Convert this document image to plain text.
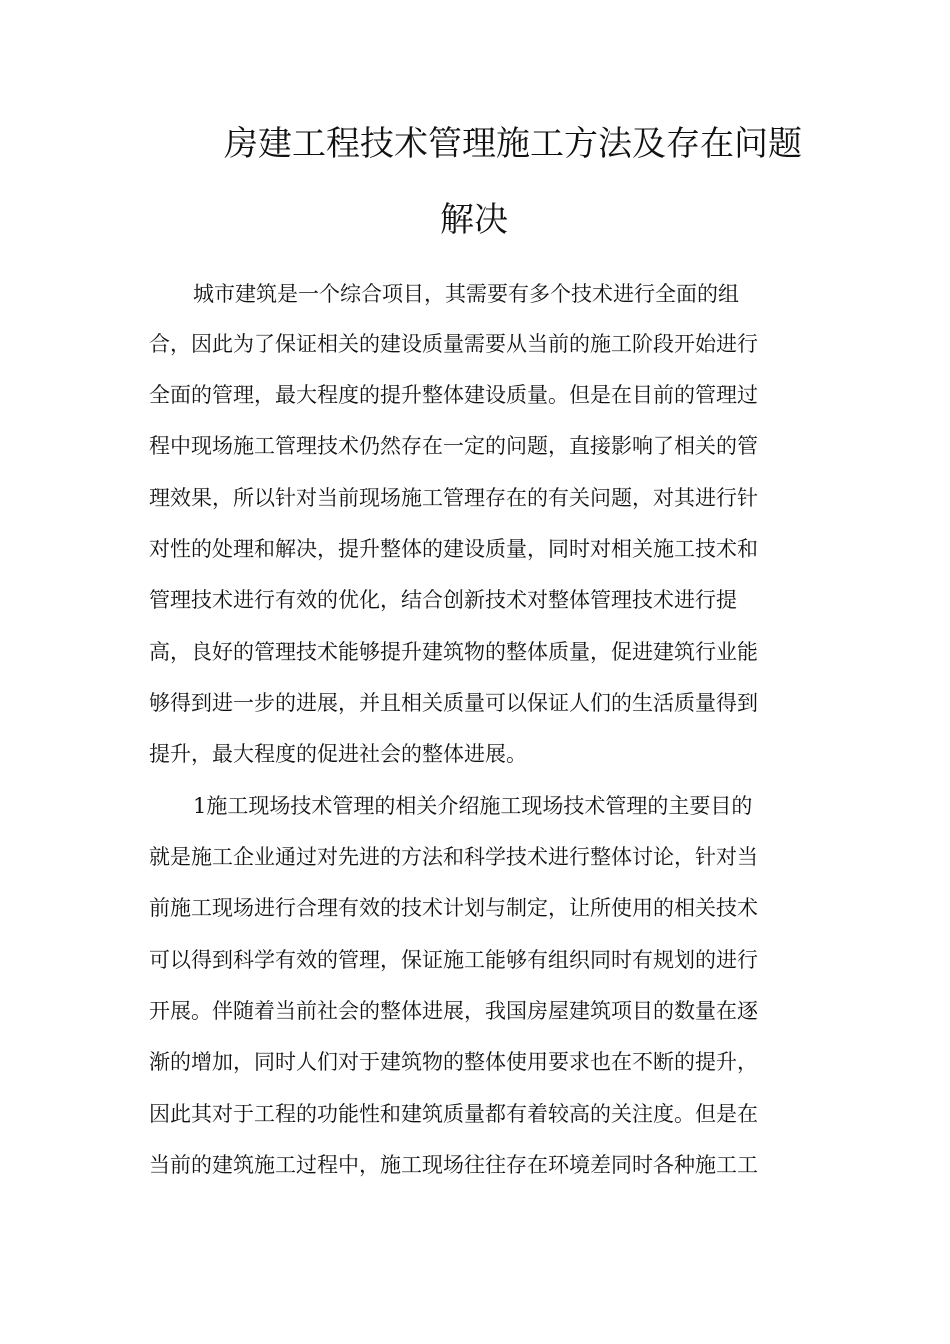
房建工程技术管理施工方法及存在问题
解决
城市建筑是一个综合项目，其需要有多个技术进行全面的组
合，因此为了保证相关的建设质量需要从当前的施工阶段开始进行
全面的管理，最大程度的提升整体建设质量。但是在目前的管理过
程中现场施工管理技术仍然存在一定的问题，直接影响了相关的管
理效果，所以针对当前现场施工管理存在的有关问题，对其进行针
对性的处理和解决，提升整体的建设质量，同时对相关施工技术和
管理技术进行有效的优化，结合创新技术对整体管理技术进行提
高，良好的管理技术能够提升建筑物的整体质量，促进建筑行业能
够得到进一步的进展，并且相关质量可以保证人们的生活质量得到
提升，最大程度的促进社会的整体进展。
1施工现场技术管理的相关介绍施工现场技术管理的主要目的
就是施工企业通过对先进的方法和科学技术进行整体讨论，针对当
前施工现场进行合理有效的技术计划与制定，让所使用的相关技术
可以得到科学有效的管理，保证施工能够有组织同时有规划的进行
开展。伴随着当前社会的整体进展，我国房屋建筑项目的数量在逐
渐的增加，同时人们对于建筑物的整体使用要求也在不断的提升，
因此其对于工程的功能性和建筑质量都有着较高的关注度。但是在
当前的建筑施工过程中，施工现场往往存在环境差同时各种施工工
